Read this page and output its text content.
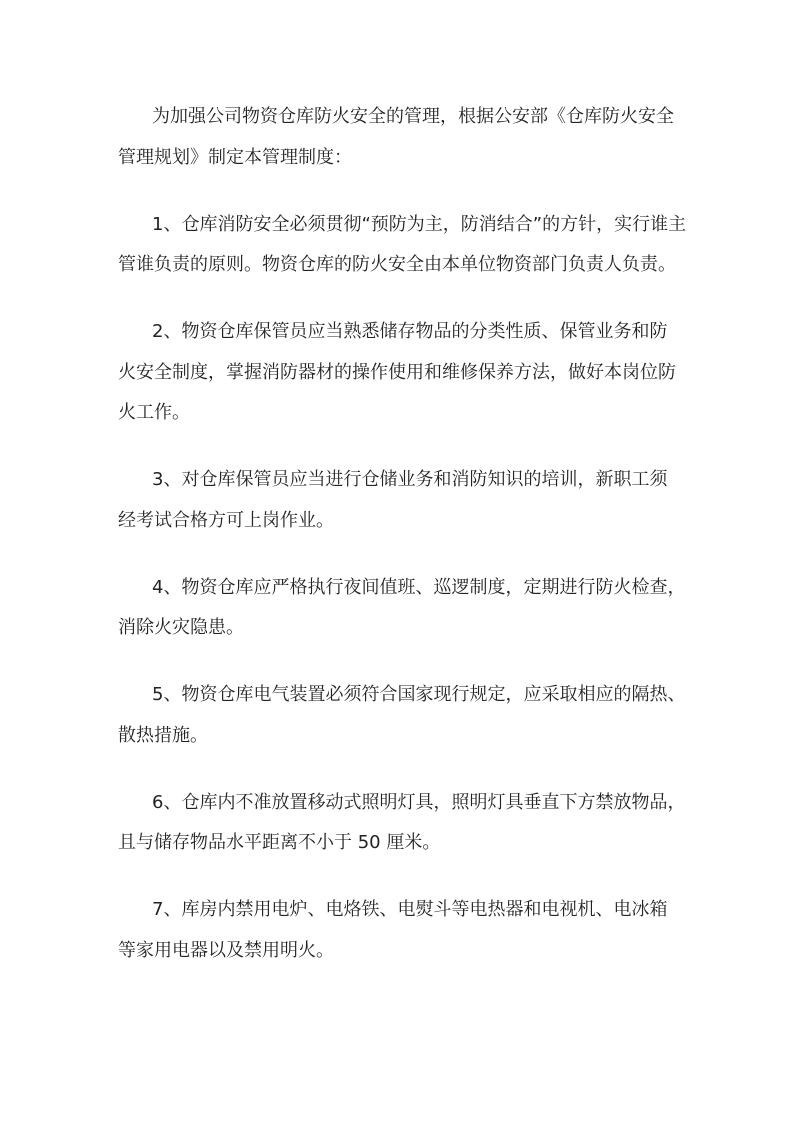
为加强公司物资仓库防火安全的管理，根据公安部《仓库防火安全
管理规划》制定本管理制度：
1、仓库消防安全必须贯彻“预防为主，防消结合”的方针，实行谁主
管谁负责的原则。物资仓库的防火安全由本单位物资部门负责人负责。
2、物资仓库保管员应当熟悉储存物品的分类性质、保管业务和防
火安全制度，掌握消防器材的操作使用和维修保养方法，做好本岗位防
火工作。
3、对仓库保管员应当进行仓储业务和消防知识的培训，新职工须
经考试合格方可上岗作业。
4、物资仓库应严格执行夜间值班、巡逻制度，定期进行防火检查，
消除火灾隐患。
5、物资仓库电气装置必须符合国家现行规定，应采取相应的隔热、
散热措施。
6、仓库内不准放置移动式照明灯具，照明灯具垂直下方禁放物品，
且与储存物品水平距离不小于 50 厘米。
7、库房内禁用电炉、电烙铁、电熨斗等电热器和电视机、电冰箱
等家用电器以及禁用明火。
